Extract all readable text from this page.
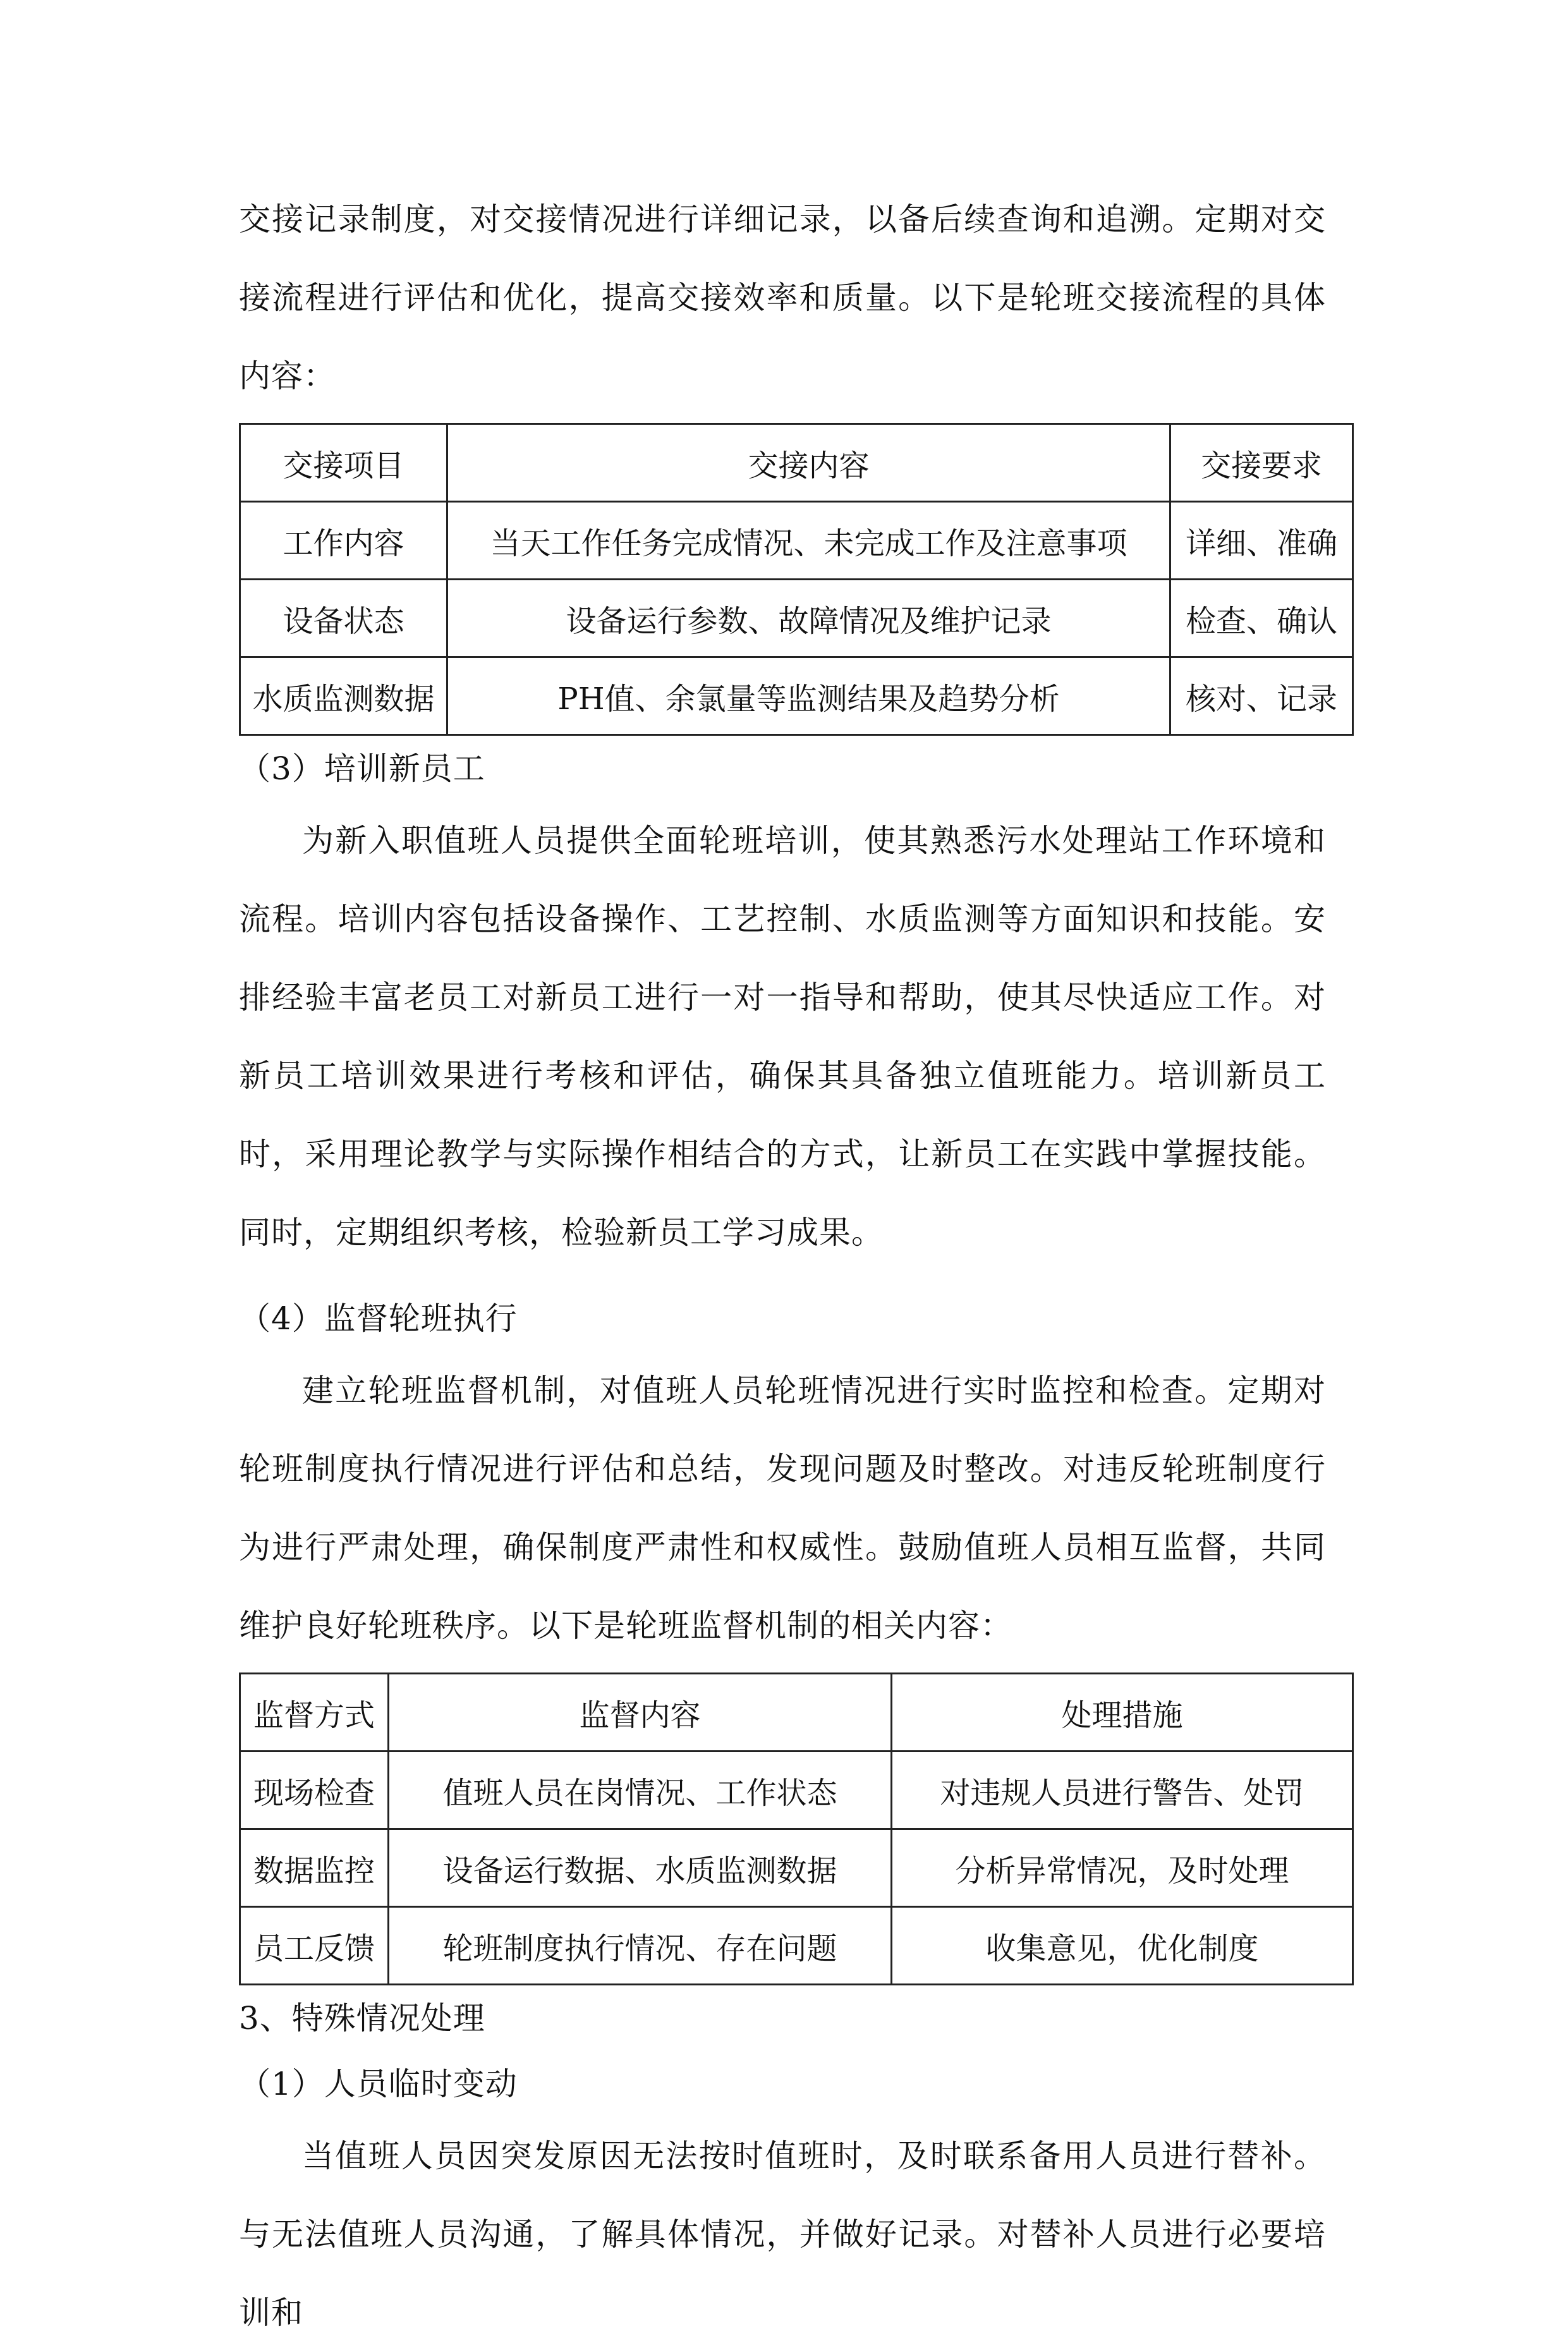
交接记录制度，对交接情况进行详细记录，以备后续查询和追溯。定期对交接流程进行评估和优化，提高交接效率和质量。以下是轮班交接流程的具体内容：

交接项目	交接内容	交接要求
工作内容	当天工作任务完成情况、未完成工作及注意事项	详细、准确
设备状态	设备运行参数、故障情况及维护记录	检查、确认
水质监测数据	PH值、余氯量等监测结果及趋势分析	核对、记录

（3）培训新员工

为新入职值班人员提供全面轮班培训，使其熟悉污水处理站工作环境和流程。培训内容包括设备操作、工艺控制、水质监测等方面知识和技能。安排经验丰富老员工对新员工进行一对一指导和帮助，使其尽快适应工作。对新员工培训效果进行考核和评估，确保其具备独立值班能力。培训新员工时，采用理论教学与实际操作相结合的方式，让新员工在实践中掌握技能。同时，定期组织考核，检验新员工学习成果。

（4）监督轮班执行

建立轮班监督机制，对值班人员轮班情况进行实时监控和检查。定期对轮班制度执行情况进行评估和总结，发现问题及时整改。对违反轮班制度行为进行严肃处理，确保制度严肃性和权威性。鼓励值班人员相互监督，共同维护良好轮班秩序。以下是轮班监督机制的相关内容：

监督方式	监督内容	处理措施
现场检查	值班人员在岗情况、工作状态	对违规人员进行警告、处罚
数据监控	设备运行数据、水质监测数据	分析异常情况，及时处理
员工反馈	轮班制度执行情况、存在问题	收集意见，优化制度

3、特殊情况处理

（1）人员临时变动

当值班人员因突发原因无法按时值班时，及时联系备用人员进行替补。与无法值班人员沟通，了解具体情况，并做好记录。对替补人员进行必要培训和
